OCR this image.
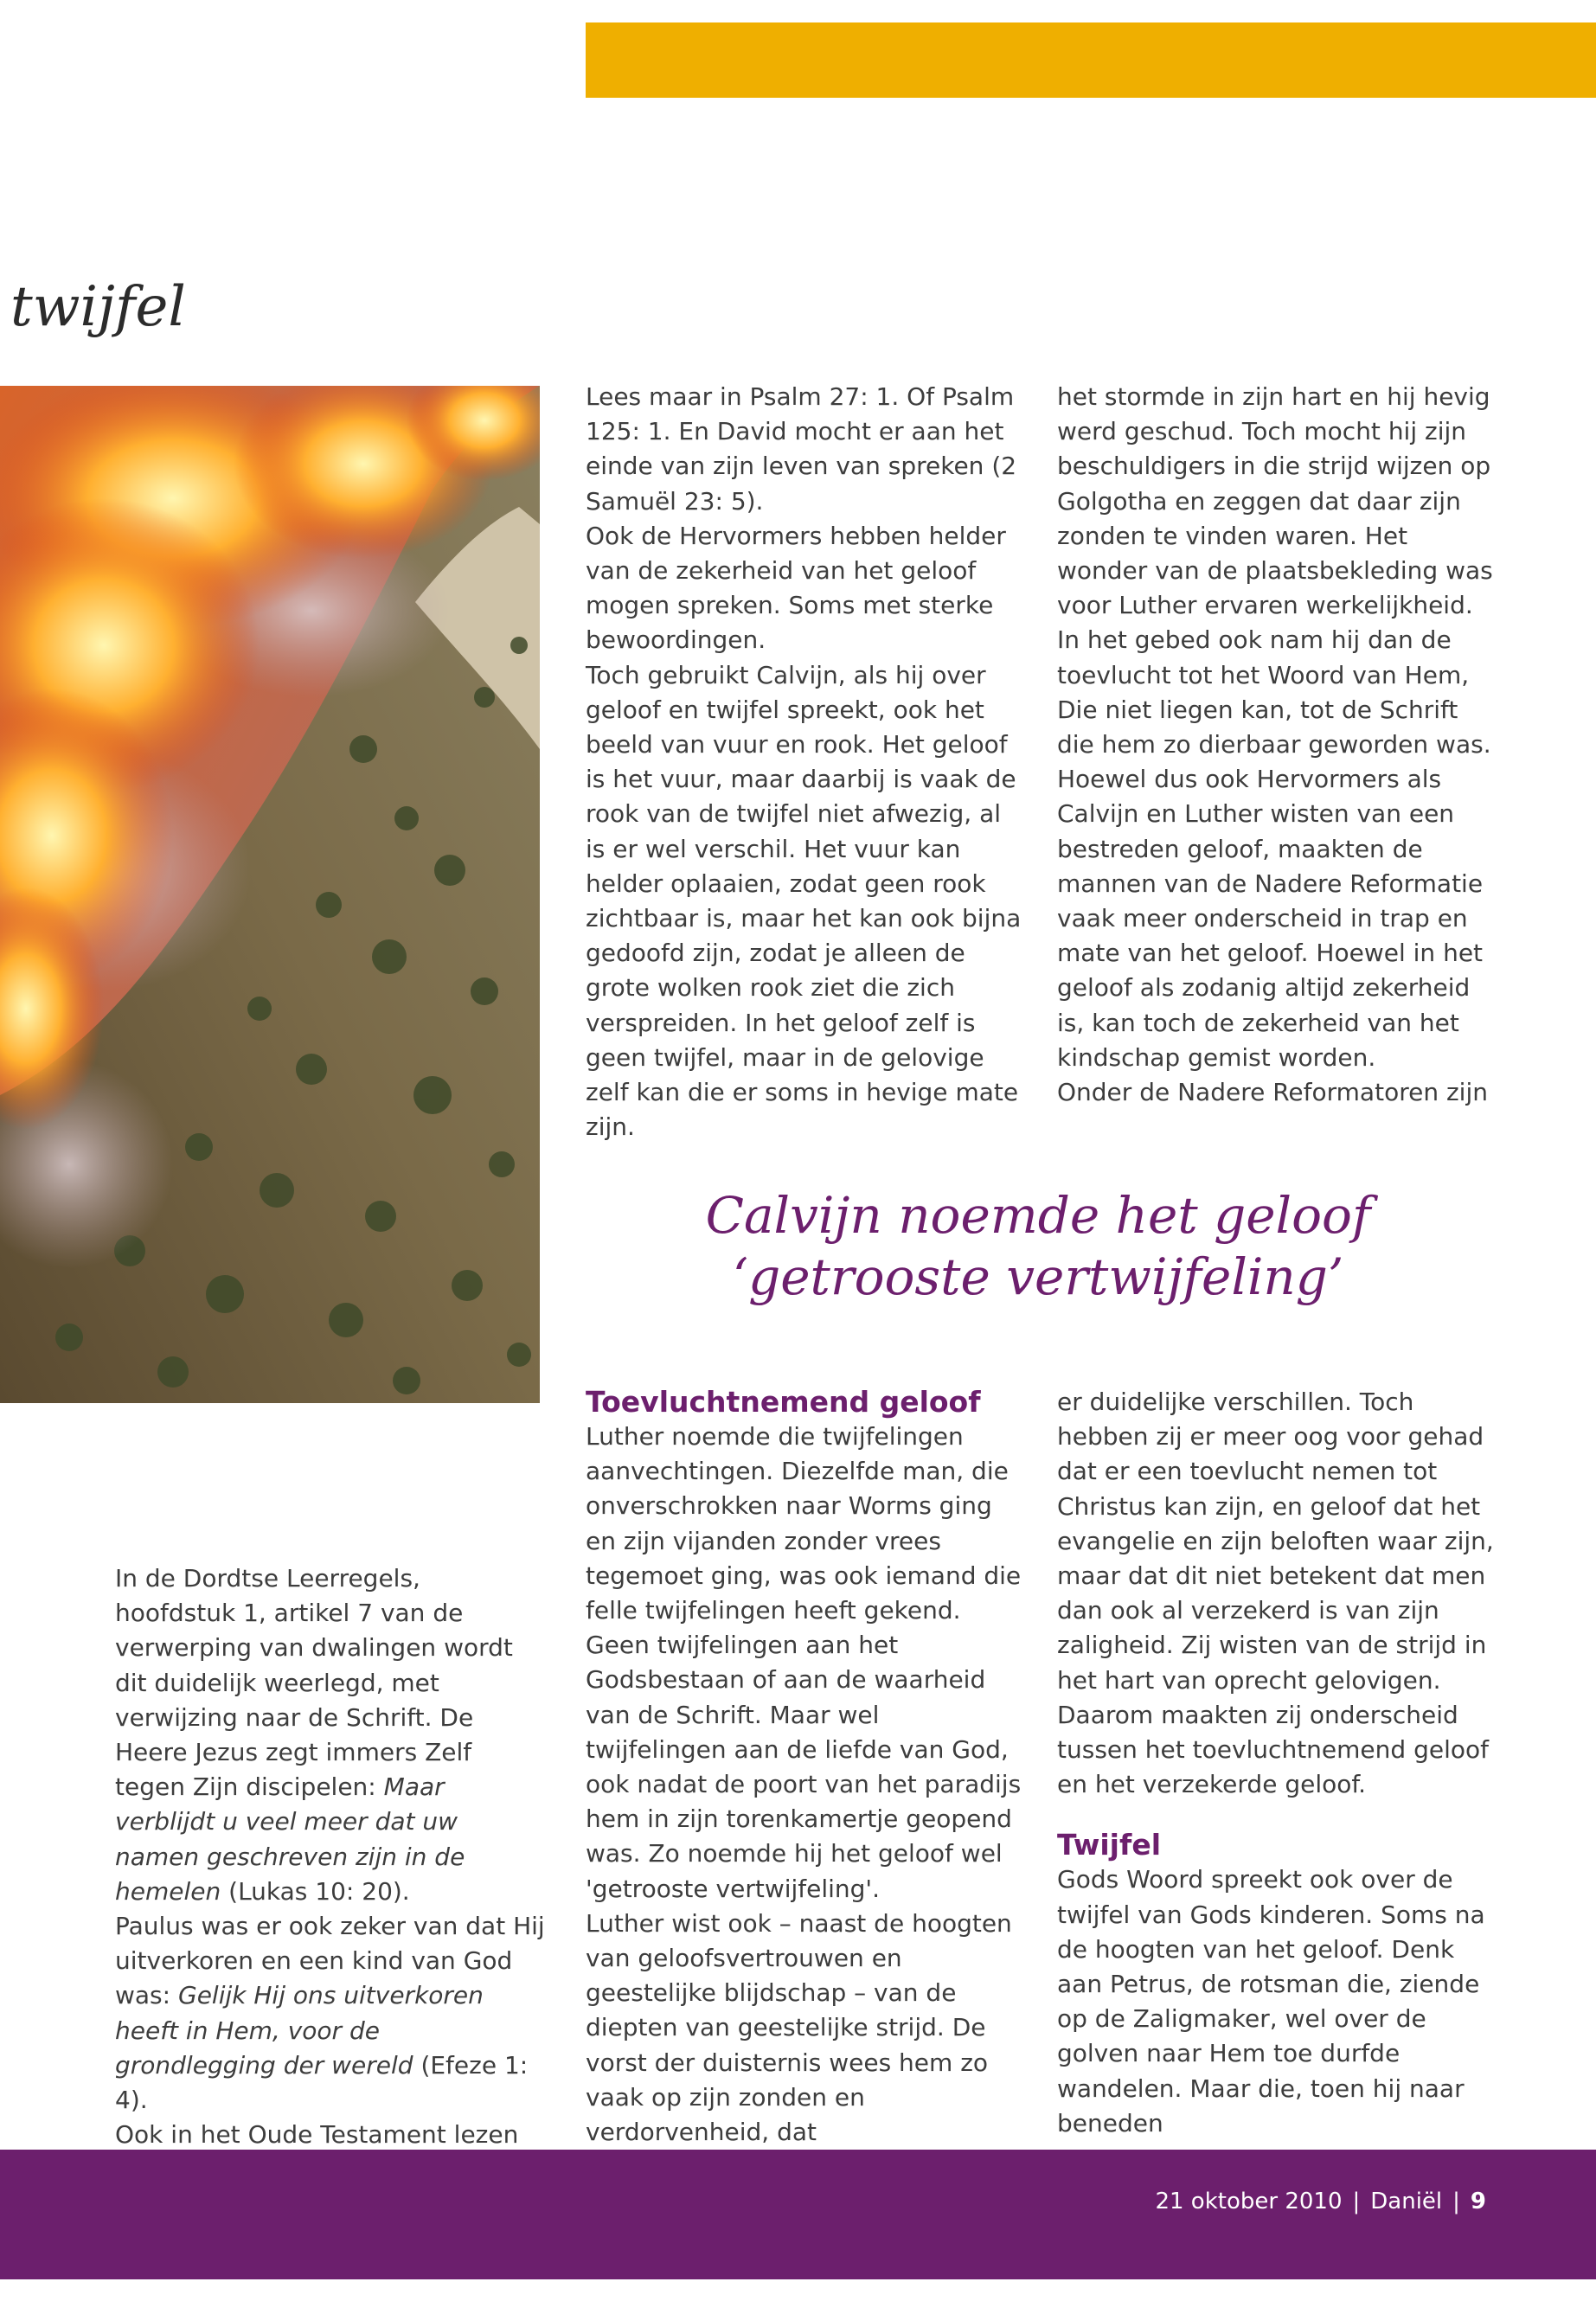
twijfel

Lees maar in Psalm 27: 1. Of Psalm 125: 1. En David mocht er aan het einde van zijn leven van spreken (2 Samuël 23: 5).

Ook de Hervormers hebben helder van de zekerheid van het geloof mogen spreken. Soms met sterke bewoordingen.

Toch gebruikt Calvijn, als hij over geloof en twijfel spreekt, ook het beeld van vuur en rook. Het geloof is het vuur, maar daarbij is vaak de rook van de twijfel niet afwezig, al is er wel verschil. Het vuur kan helder oplaaien, zodat geen rook zichtbaar is, maar het kan ook bijna gedoofd zijn, zodat je alleen de grote wolken rook ziet die zich verspreiden. In het geloof zelf is geen twijfel, maar in de gelovige zelf kan die er soms in hevige mate zijn.

het stormde in zijn hart en hij hevig werd geschud. Toch mocht hij zijn beschuldigers in die strijd wijzen op Golgotha en zeggen dat daar zijn zonden te vinden waren. Het wonder van de plaatsbekleding was voor Luther ervaren werkelijkheid.

In het gebed ook nam hij dan de toevlucht tot het Woord van Hem, Die niet liegen kan, tot de Schrift die hem zo dierbaar geworden was.

Hoewel dus ook Hervormers als Calvijn en Luther wisten van een bestreden geloof, maakten de mannen van de Nadere Reformatie vaak meer onderscheid in trap en mate van het geloof. Hoewel in het geloof als zodanig altijd zekerheid is, kan toch de zekerheid van het kindschap gemist worden.

Onder de Nadere Reformatoren zijn

Calvijn noemde het geloof
‘getrooste vertwijfeling’
Toevluchtnemend geloof

Luther noemde die twijfelingen aanvechtingen. Diezelfde man, die onverschrokken naar Worms ging en zijn vijanden zonder vrees tegemoet ging, was ook iemand die felle twijfelingen heeft gekend.

Geen twijfelingen aan het Godsbestaan of aan de waarheid van de Schrift. Maar wel twijfelingen aan de liefde van God, ook nadat de poort van het paradijs hem in zijn torenkamertje geopend was. Zo noemde hij het geloof wel 'getrooste vertwijfeling'.

Luther wist ook – naast de hoogten van geloofsvertrouwen en geestelijke blijdschap – van de diepten van geestelijke strijd. De vorst der duisternis wees hem zo vaak op zijn zonden en verdorvenheid, dat

er duidelijke verschillen. Toch hebben zij er meer oog voor gehad dat er een toevlucht nemen tot Christus kan zijn, en geloof dat het evangelie en zijn beloften waar zijn, maar dat dit niet betekent dat men dan ook al verzekerd is van zijn zaligheid. Zij wisten van de strijd in het hart van oprecht gelovigen. Daarom maakten zij onderscheid tussen het toevluchtnemend geloof en het verzekerde geloof.

Twijfel

Gods Woord spreekt ook over de twijfel van Gods kinderen. Soms na de hoogten van het geloof. Denk aan Petrus, de rotsman die, ziende op de Zaligmaker, wel over de golven naar Hem toe durfde wandelen. Maar die, toen hij naar beneden

In de Dordtse Leerregels, hoofdstuk 1, artikel 7 van de verwerping van dwalingen wordt dit duidelijk weerlegd, met verwijzing naar de Schrift. De Heere Jezus zegt immers Zelf tegen Zijn discipelen: Maar verblijdt u veel meer dat uw namen geschreven zijn in de hemelen (Lukas 10: 20).

Paulus was er ook zeker van dat Hij uitverkoren en een kind van God was: Gelijk Hij ons uitverkoren heeft in Hem, voor de grondlegging der wereld (Efeze 1: 4).

Ook in het Oude Testament lezen

21 oktober 2010 | Daniël | 9
